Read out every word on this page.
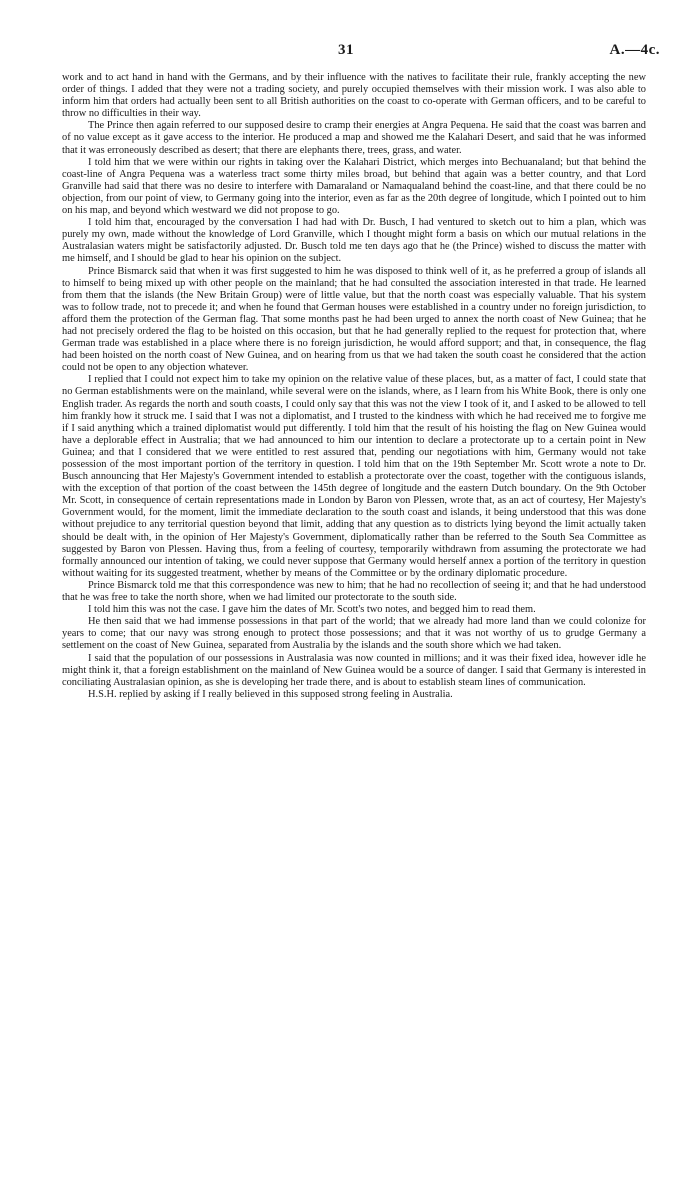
31	A.—4c.

work and to act hand in hand with the Germans, and by their influence with the natives to facilitate their rule, frankly accepting the new order of things. I added that they were not a trading society, and purely occupied themselves with their mission work. I was also able to inform him that orders had actually been sent to all British authorities on the coast to co-operate with German officers, and to be careful to throw no difficulties in their way.

The Prince then again referred to our supposed desire to cramp their energies at Angra Pequena. He said that the coast was barren and of no value except as it gave access to the interior. He produced a map and showed me the Kalahari Desert, and said that he was informed that it was erroneously described as desert; that there are elephants there, trees, grass, and water.

I told him that we were within our rights in taking over the Kalahari District, which merges into Bechuanaland; but that behind the coast-line of Angra Pequena was a waterless tract some thirty miles broad, but behind that again was a better country, and that Lord Granville had said that there was no desire to interfere with Damaraland or Namaqualand behind the coast-line, and that there could be no objection, from our point of view, to Germany going into the interior, even as far as the 20th degree of longitude, which I pointed out to him on his map, and beyond which westward we did not propose to go.

I told him that, encouraged by the conversation I had had with Dr. Busch, I had ventured to sketch out to him a plan, which was purely my own, made without the knowledge of Lord Granville, which I thought might form a basis on which our mutual relations in the Australasian waters might be satisfactorily adjusted. Dr. Busch told me ten days ago that he (the Prince) wished to discuss the matter with me himself, and I should be glad to hear his opinion on the subject.

Prince Bismarck said that when it was first suggested to him he was disposed to think well of it, as he preferred a group of islands all to himself to being mixed up with other people on the mainland; that he had consulted the association interested in that trade. He learned from them that the islands (the New Britain Group) were of little value, but that the north coast was especially valuable. That his system was to follow trade, not to precede it; and when he found that German houses were established in a country under no foreign jurisdiction, to afford them the protection of the German flag. That some months past he had been urged to annex the north coast of New Guinea; that he had not precisely ordered the flag to be hoisted on this occasion, but that he had generally replied to the request for protection that, where German trade was established in a place where there is no foreign jurisdiction, he would afford support; and that, in consequence, the flag had been hoisted on the north coast of New Guinea, and on hearing from us that we had taken the south coast he considered that the action could not be open to any objection whatever.

I replied that I could not expect him to take my opinion on the relative value of these places, but, as a matter of fact, I could state that no German establishments were on the mainland, while several were on the islands, where, as I learn from his White Book, there is only one English trader. As regards the north and south coasts, I could only say that this was not the view I took of it, and I asked to be allowed to tell him frankly how it struck me. I said that I was not a diplomatist, and I trusted to the kindness with which he had received me to forgive me if I said anything which a trained diplomatist would put differently. I told him that the result of his hoisting the flag on New Guinea would have a deplorable effect in Australia; that we had announced to him our intention to declare a protectorate up to a certain point in New Guinea; and that I considered that we were entitled to rest assured that, pending our negotiations with him, Germany would not take possession of the most important portion of the territory in question. I told him that on the 19th September Mr. Scott wrote a note to Dr. Busch announcing that Her Majesty's Government intended to establish a protectorate over the coast, together with the contiguous islands, with the exception of that portion of the coast between the 145th degree of longitude and the eastern Dutch boundary. On the 9th October Mr. Scott, in consequence of certain representations made in London by Baron von Plessen, wrote that, as an act of courtesy, Her Majesty's Government would, for the moment, limit the immediate declaration to the south coast and islands, it being understood that this was done without prejudice to any territorial question beyond that limit, adding that any question as to districts lying beyond the limit actually taken should be dealt with, in the opinion of Her Majesty's Government, diplomatically rather than be referred to the South Sea Committee as suggested by Baron von Plessen. Having thus, from a feeling of courtesy, temporarily withdrawn from assuming the protectorate we had formally announced our intention of taking, we could never suppose that Germany would herself annex a portion of the territory in question without waiting for its suggested treatment, whether by means of the Committee or by the ordinary diplomatic procedure.

Prince Bismarck told me that this correspondence was new to him; that he had no recollection of seeing it; and that he had understood that he was free to take the north shore, when we had limited our protectorate to the south side.

I told him this was not the case. I gave him the dates of Mr. Scott's two notes, and begged him to read them.

He then said that we had immense possessions in that part of the world; that we already had more land than we could colonize for years to come; that our navy was strong enough to protect those possessions; and that it was not worthy of us to grudge Germany a settlement on the coast of New Guinea, separated from Australia by the islands and the south shore which we had taken.

I said that the population of our possessions in Australasia was now counted in millions; and it was their fixed idea, however idle he might think it, that a foreign establishment on the mainland of New Guinea would be a source of danger. I said that Germany is interested in conciliating Australasian opinion, as she is developing her trade there, and is about to establish steam lines of communication.

H.S.H. replied by asking if I really believed in this supposed strong feeling in Australia.
